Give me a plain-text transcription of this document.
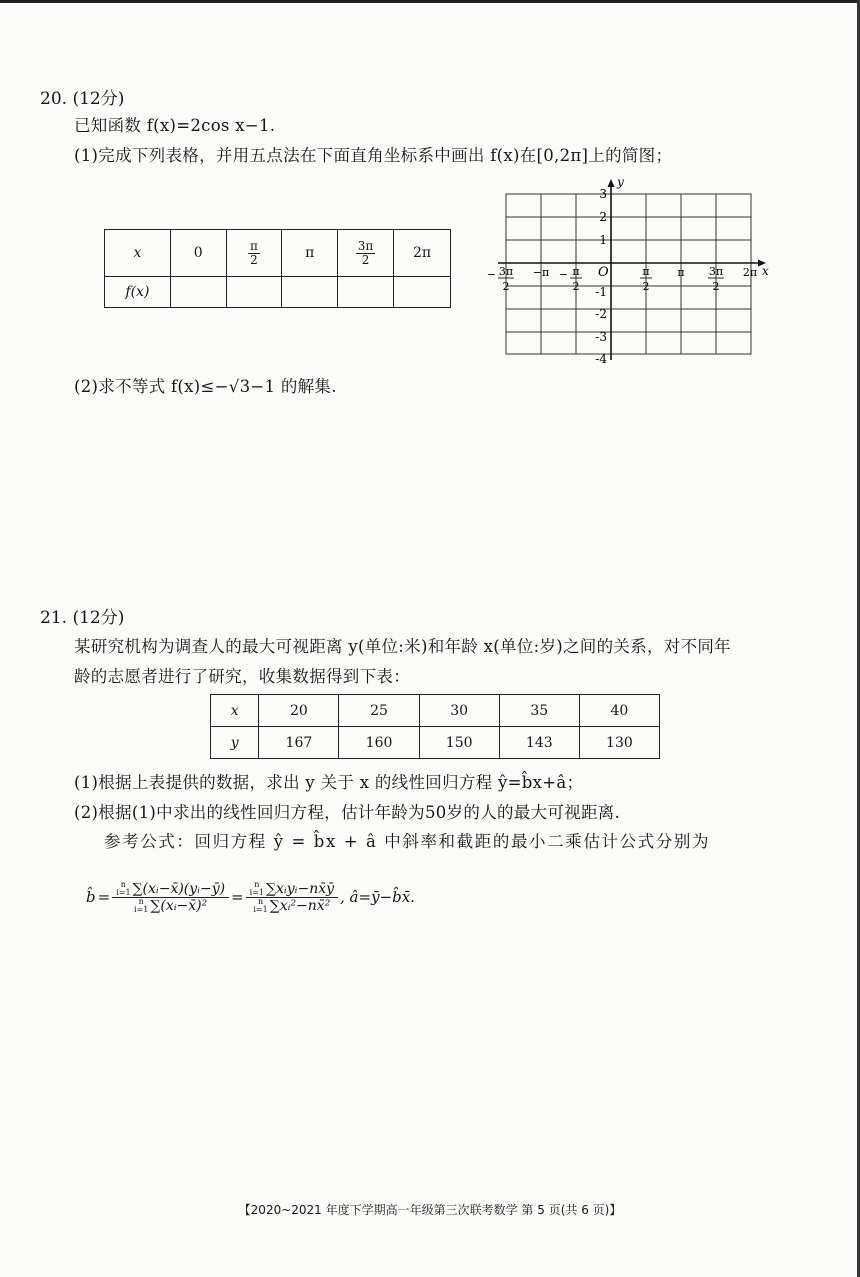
20. (12分)
已知函数 f(x)=2cos x−1.
(1)完成下列表格，并用五点法在下面直角坐标系中画出 f(x)在[0,2π]上的简图；
x	0	$\frac{\pi}{2}$	π	$\frac{3\pi}{2}$	2π
f(x)					
y
x
O
3
2
1
-1
-2
-3
-4
− 3π
2
−π − π
2
π
2
π 3π
2
2π
(2)求不等式 f(x)≤−√3−1 的解集.
21. (12分)
某研究机构为调查人的最大可视距离 y(单位:米)和年龄 x(单位:岁)之间的关系，对不同年
龄的志愿者进行了研究，收集数据得到下表：
x	20	25	30	35	40
y	167	160	150	143	130
(1)根据上表提供的数据，求出 y 关于 x 的线性回归方程 ŷ=b̂x+â；
(2)根据(1)中求出的线性回归方程，估计年龄为50岁的人的最大可视距离.
参考公式：回归方程 ŷ = b̂x + â 中斜率和截距的最小二乘估计公式分别为
b̂ =
n
i=1 ∑(xᵢ−x̄)(yᵢ−ȳ)
n
i=1 ∑(xᵢ−x̄)² =
n
i=1 ∑xᵢyᵢ−nx̄ȳ
n
i=1 ∑xᵢ²−nx̄² , â=ȳ−b̂x̄.
【2020~2021 年度下学期高一年级第三次联考数学 第 5 页(共 6 页)】
